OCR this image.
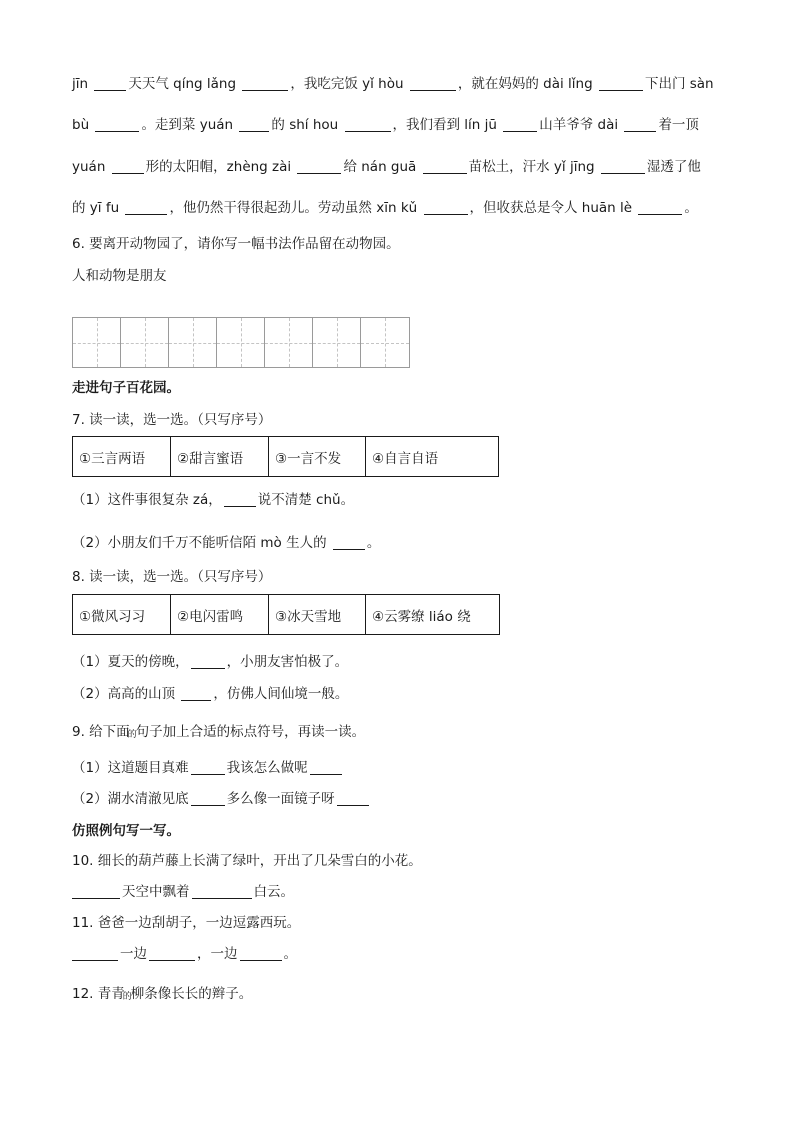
jīn	天天气 qíng lǎng	，我吃完饭 yǐ hòu	，就在妈妈的 dài lǐng	下出门 sàn
bù	。走到菜 yuán	的 shí hou	，我们看到 lín jū	山羊爷爷 dài	着一顶
yuán	形的太阳帽，zhèng zài	给 nán guā	苗松土，汗水 yǐ jīng	湿透了他
的 yī fu	，他仍然干得很起劲儿。劳动虽然 xīn kǔ	，但收获总是令人 huān lè	。
6. 要离开动物园了，请你写一幅书法作品留在动物园。
人和动物是朋友
走进句子百花园。
7. 读一读，选一选。（只写序号）
①三言两语	②甜言蜜语	③一言不发	④自言自语
（1）这件事很复杂 zá，	说不清楚 chǔ。
（2）小朋友们千万不能听信陌 mò 生人的	。
8. 读一读，选一选。（只写序号）
①微风习习	②电闪雷鸣	③冰天雪地	④云雾缭 liáo 绕
（1）夏天的傍晚，	，小朋友害怕极了。
（2）高高的山顶	，仿佛人间仙境一般。
9. 给下面
的
句子加上合适的标点符号，再读一读。
（1）这道题目真难	我该怎么做呢
（2）湖水清澈见底	多么像一面镜子呀
仿照例句写一写。
10. 细长的葫芦藤上长满了绿叶，开出了几朵雪白的小花。
天空中飘着	白云。
11. 爸爸一边刮胡子，一边逗露西玩。
一边	，一边	。
12. 青青
的
柳条像长长的辫子。
